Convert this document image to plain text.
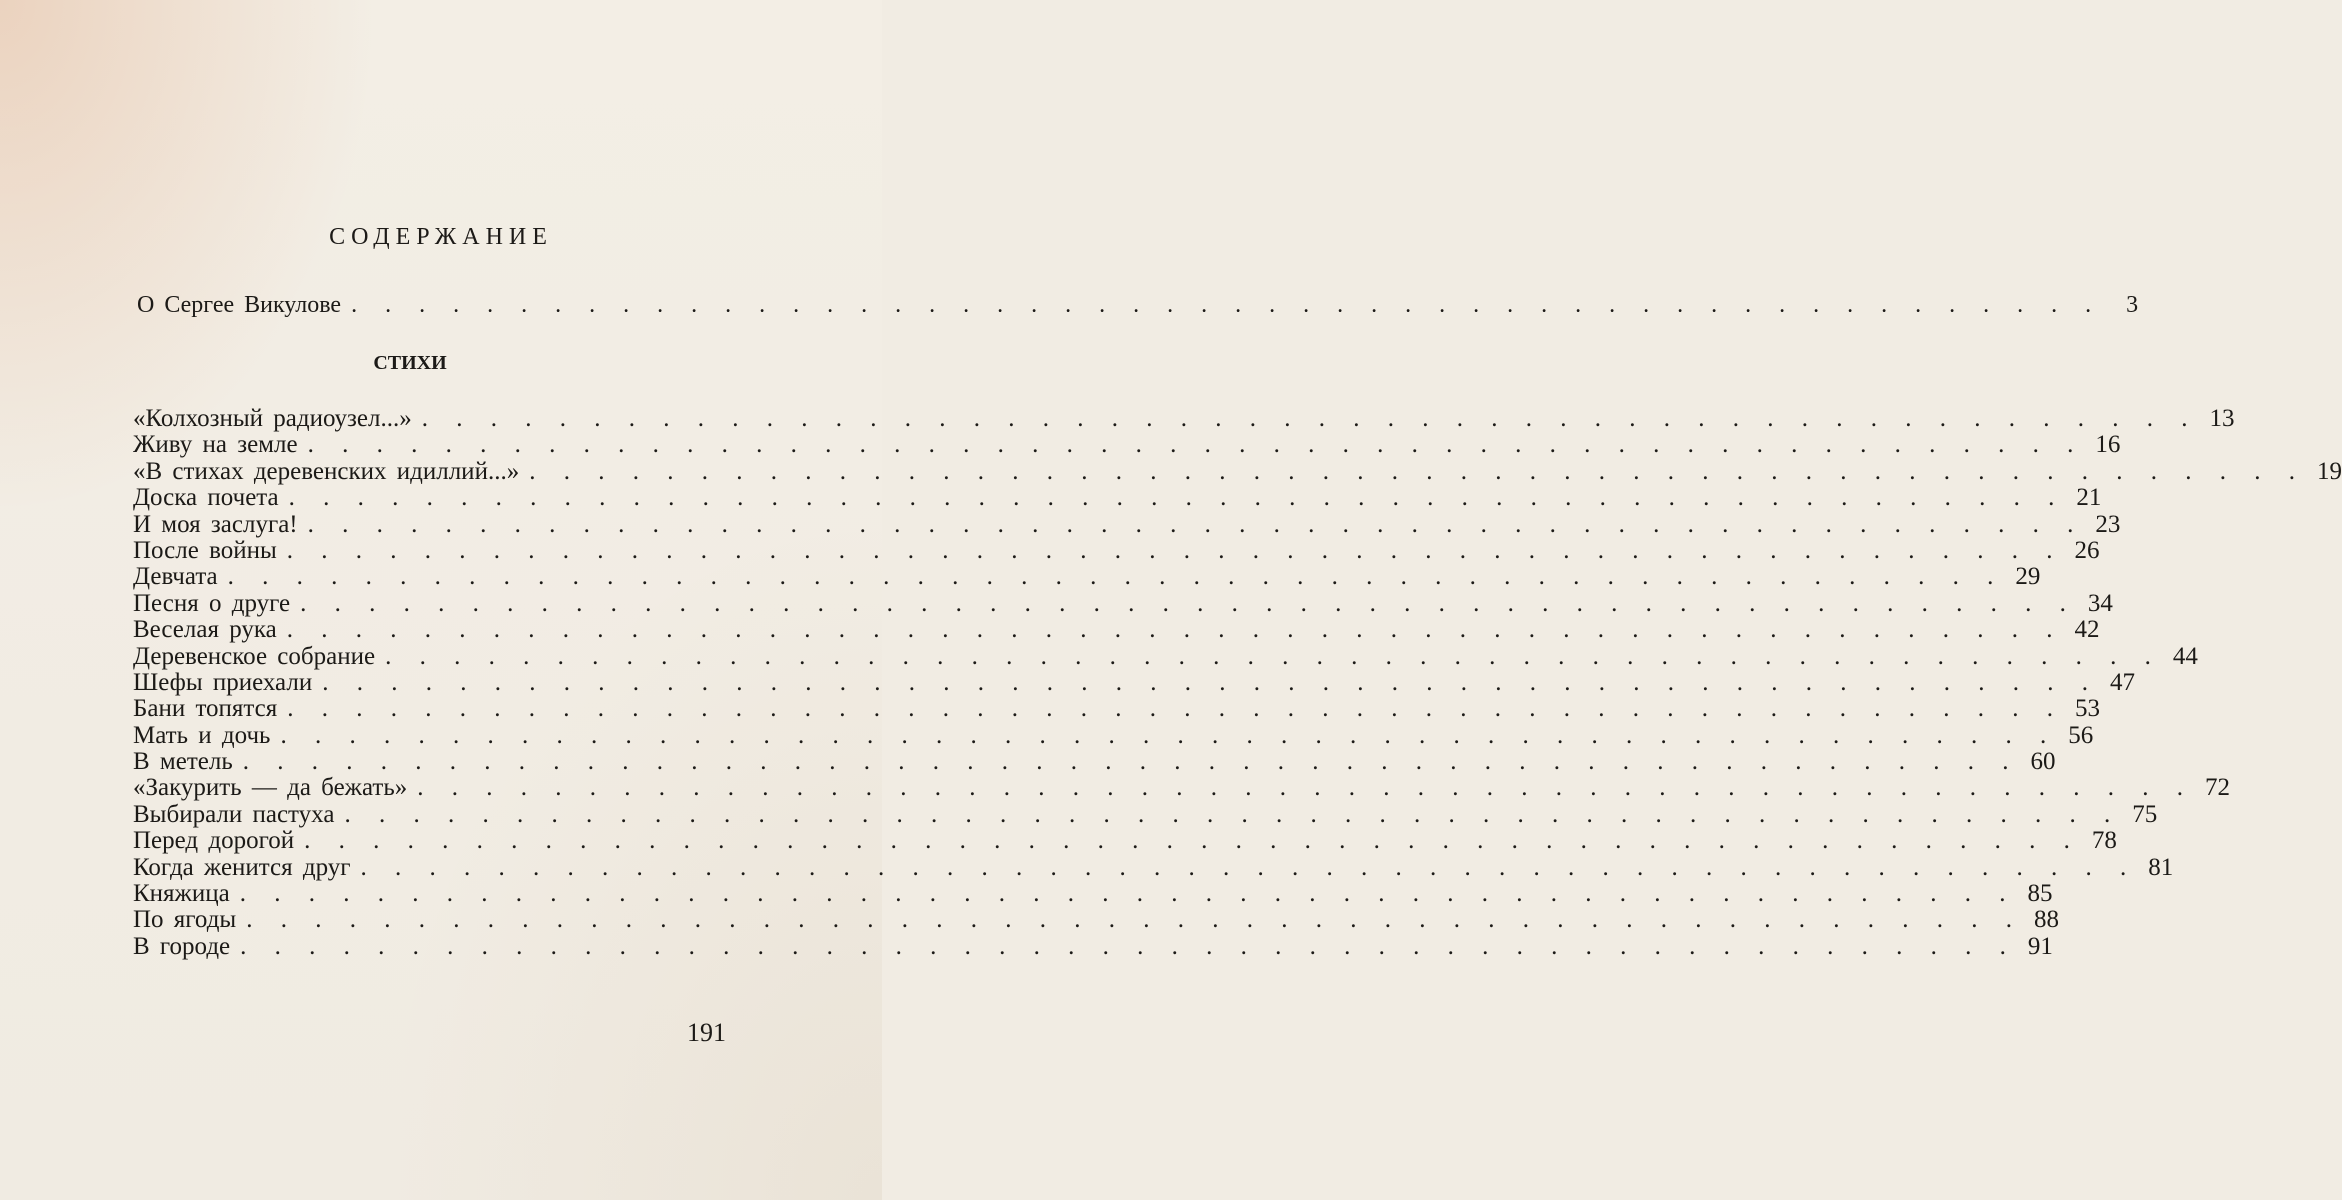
СОДЕРЖАНИЕ
О Сергее Викулове . . . . . . . . . . . . . . . . . . . . . . . . . . . . . . . . . . . . . . . . . . . . . . . . . . . .	3
СТИХИ
«Колхозный радиоузел...» . . . . . . . . . . . . . . . . . . . . . . . . . . . . . . . . . . . . . . . . . . . . . . . . . . . . 13
Живу на земле . . . . . . . . . . . . . . . . . . . . . . . . . . . . . . . . . . . . . . . . . . . . . . . . . . . . 16
«В стихах деревенских идиллий...» . . . . . . . . . . . . . . . . . . . . . . . . . . . . . . . . . . . . . . . . . . . . . . . . . . . . 19
Доска почета . . . . . . . . . . . . . . . . . . . . . . . . . . . . . . . . . . . . . . . . . . . . . . . . . . . . 21
И моя заслуга! . . . . . . . . . . . . . . . . . . . . . . . . . . . . . . . . . . . . . . . . . . . . . . . . . . . . 23
После войны . . . . . . . . . . . . . . . . . . . . . . . . . . . . . . . . . . . . . . . . . . . . . . . . . . . . 26
Девчата . . . . . . . . . . . . . . . . . . . . . . . . . . . . . . . . . . . . . . . . . . . . . . . . . . . . 29
Песня о друге . . . . . . . . . . . . . . . . . . . . . . . . . . . . . . . . . . . . . . . . . . . . . . . . . . . . 34
Веселая рука . . . . . . . . . . . . . . . . . . . . . . . . . . . . . . . . . . . . . . . . . . . . . . . . . . . . 42
Деревенское собрание . . . . . . . . . . . . . . . . . . . . . . . . . . . . . . . . . . . . . . . . . . . . . . . . . . . . 44
Шефы приехали . . . . . . . . . . . . . . . . . . . . . . . . . . . . . . . . . . . . . . . . . . . . . . . . . . . . 47
Бани топятся . . . . . . . . . . . . . . . . . . . . . . . . . . . . . . . . . . . . . . . . . . . . . . . . . . . . 53
Мать и дочь . . . . . . . . . . . . . . . . . . . . . . . . . . . . . . . . . . . . . . . . . . . . . . . . . . . . 56
В метель . . . . . . . . . . . . . . . . . . . . . . . . . . . . . . . . . . . . . . . . . . . . . . . . . . . . 60
«Закурить — да бежать» . . . . . . . . . . . . . . . . . . . . . . . . . . . . . . . . . . . . . . . . . . . . . . . . . . . . 72
Выбирали пастуха . . . . . . . . . . . . . . . . . . . . . . . . . . . . . . . . . . . . . . . . . . . . . . . . . . . . 75
Перед дорогой . . . . . . . . . . . . . . . . . . . . . . . . . . . . . . . . . . . . . . . . . . . . . . . . . . . . 78
Когда женится друг . . . . . . . . . . . . . . . . . . . . . . . . . . . . . . . . . . . . . . . . . . . . . . . . . . . . 81
Княжица . . . . . . . . . . . . . . . . . . . . . . . . . . . . . . . . . . . . . . . . . . . . . . . . . . . . 85
По ягоды . . . . . . . . . . . . . . . . . . . . . . . . . . . . . . . . . . . . . . . . . . . . . . . . . . . . 88
В городе . . . . . . . . . . . . . . . . . . . . . . . . . . . . . . . . . . . . . . . . . . . . . . . . . . . . 91
191
